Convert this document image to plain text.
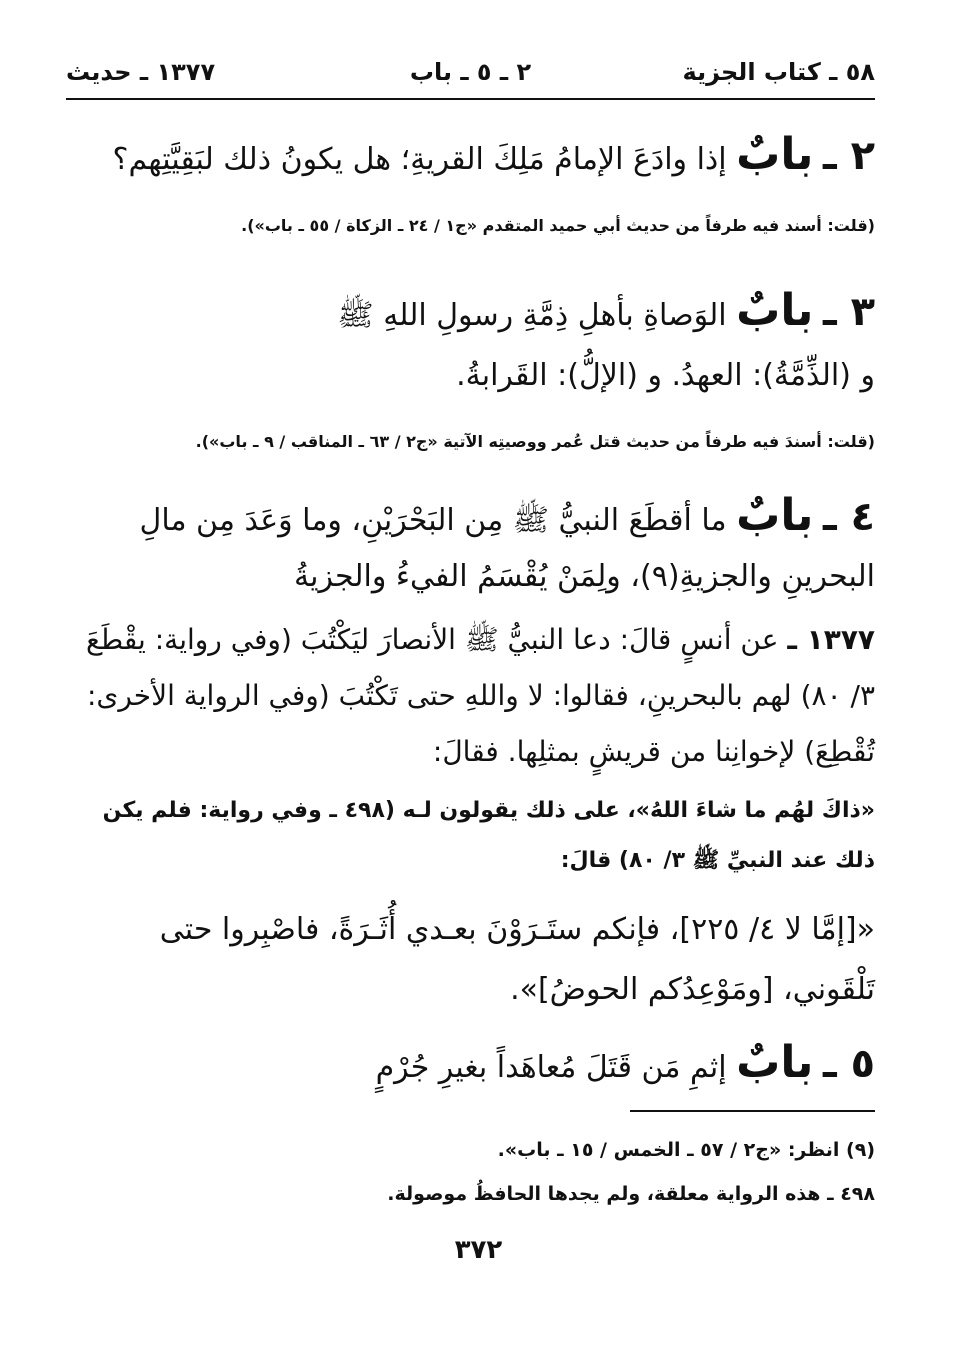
٥٨ ـ كتاب الجزية
٢ ـ ٥ ـ باب
١٣٧٧ ـ حديث
٢ ـ بابٌ إذا وادَعَ الإمامُ مَلِكَ القريةِ؛ هل يكونُ ذلك لبَقِيَّتِهم؟
(قلت: أسند فيه طرفاً من حديث أبي حميد المتقدم «ج١ / ٢٤ ـ الزكاة / ٥٥ ـ باب»).
٣ ـ بابٌ الوَصاةِ بأهلِ ذِمَّةِ رسولِ اللهِ ﷺ
و (الذِّمَّةُ): العهدُ. و (الإلُّ): القَرابةُ.
(قلت: أسندَ فيه طرفاً من حديث قتل عُمر ووصيتِه الآتية «ج٢ / ٦٣ ـ المناقب / ٩ ـ باب»).
٤ ـ بابٌ ما أقطَعَ النبيُّ ﷺ مِن البَحْرَيْنِ، وما وَعَدَ مِن مالِ البحرينِ والجزيةِ(٩)، ولِمَنْ يُقْسَمُ الفيءُ والجزيةُ
١٣٧٧ ـ عن أنسٍ قالَ: دعا النبيُّ ﷺ الأنصارَ ليَكْتُبَ (وفي رواية: يقْطَعَ ٣/ ٨٠) لهم بالبحرينِ، فقالوا: لا واللهِ حتى تَكْتُبَ (وفي الرواية الأخرى: تُقْطِعَ) لإخوانِنا من قريشٍ بمثلِها. فقالَ:
«ذاكَ لهُم ما شاءَ اللهُ»، على ذلك يقولون لـه (٤٩٨ ـ وفي رواية: فلم يكن ذلك عند النبيِّ ﷺ ٣/ ٨٠) قالَ:
«[إمَّا لا ٤/ ٢٢٥]، فإنكم ستَـرَوْنَ بعـدي أُثَـرَةً، فاصْبِروا حتى تَلْقَوني، [ومَوْعِدُكم الحوضُ]».
٥ ـ بابٌ إثمِ مَن قَتَلَ مُعاهَداً بغيرِ جُرْمٍ
(٩) انظر: «ج٢ / ٥٧ ـ الخمس / ١٥ ـ باب».
٤٩٨ ـ هذه الرواية معلقة، ولم يجدها الحافظُ موصولة.
٣٧٢
